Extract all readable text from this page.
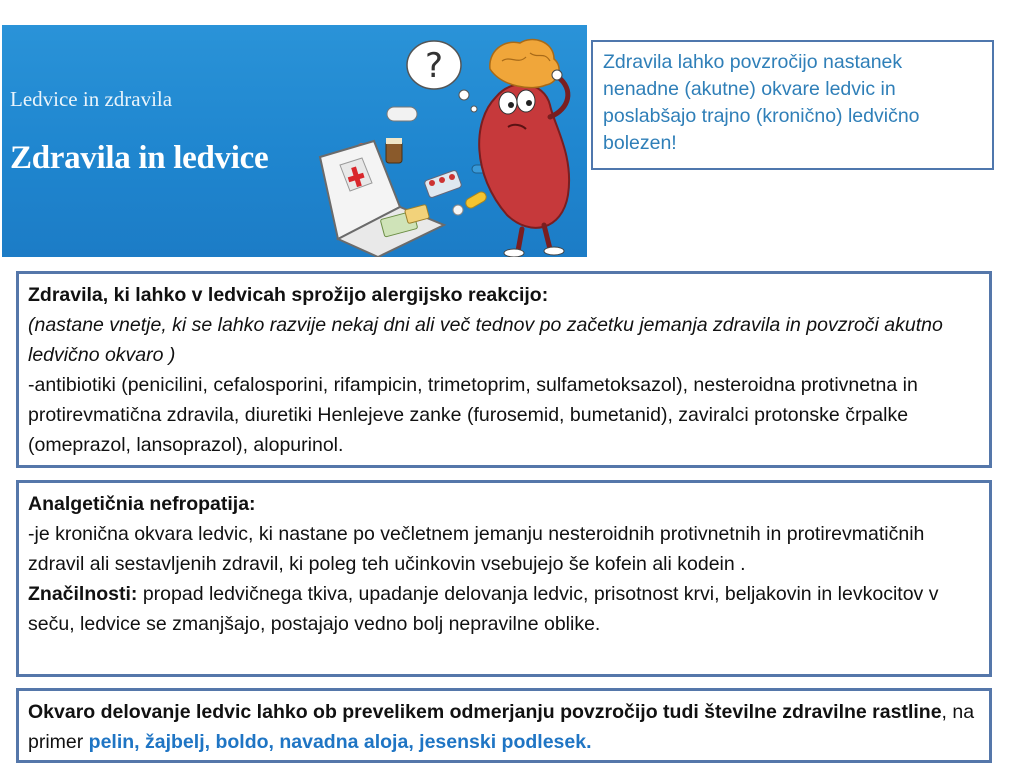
Ledvice in zdravila
Zdravila in ledvice
?	Zdravila lahko povzročijo nastanek nenadne (akutne) okvare ledvic in poslabšajo trajno (kronično) ledvično bolezen!
Zdravila, ki lahko v ledvicah sprožijo alergijsko reakcijo:
(nastane vnetje, ki se lahko razvije nekaj dni ali več tednov po začetku jemanja zdravila in povzroči akutno ledvično okvaro )
-antibiotiki (penicilini, cefalosporini, rifampicin, trimetoprim, sulfametoksazol), nesteroidna protivnetna in protirevmatična zdravila, diuretiki Henlejeve zanke (furosemid, bumetanid), zaviralci protonske črpalke (omeprazol, lansoprazol), alopurinol.
Analgetičnia nefropatija:
-je kronična okvara ledvic, ki nastane po večletnem jemanju nesteroidnih protivnetnih in protirevmatičnih zdravil ali sestavljenih zdravil, ki poleg teh učinkovin vsebujejo še kofein ali kodein .
Značilnosti: propad ledvičnega tkiva, upadanje delovanja ledvic, prisotnost krvi, beljakovin in levkocitov v seču, ledvice se zmanjšajo, postajajo vedno bolj nepravilne oblike.
Okvaro delovanje ledvic lahko ob prevelikem odmerjanju povzročijo tudi številne zdravilne rastline, na primer pelin, žajbelj, boldo, navadna aloja, jesenski podlesek.
